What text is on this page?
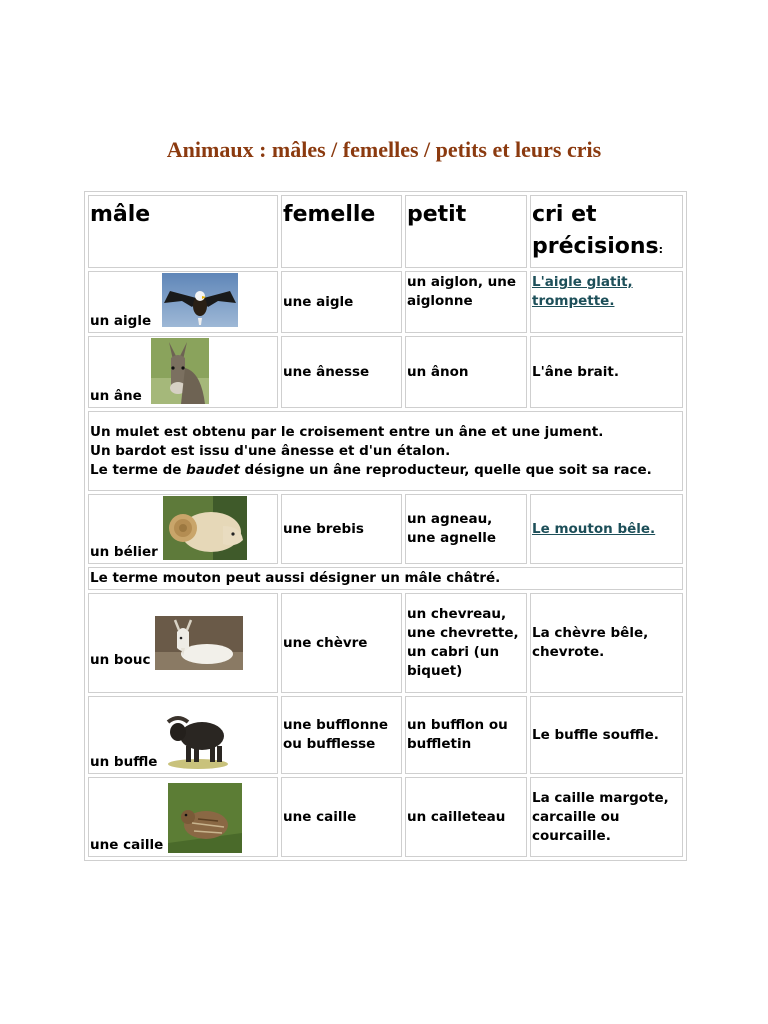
Animaux : mâles / femelles / petits et leurs cris
mâle	femelle	petit	cri et précisions:
un aigle	une aigle	un aiglon, une aiglonne	L'aigle glatit, trompette.
un âne	une ânesse	un ânon	L'âne brait.

Un mulet est obtenu par le croisement entre un âne et une jument.
Un bardot est issu d'une ânesse et d'un étalon.
Le terme de baudet désigne un âne reproducteur, quelle que soit sa race.			

un bélier	une brebis	un agneau, une agnelle	Le mouton bêle.
Le terme mouton peut aussi désigner un mâle châtré.			
un bouc	une chèvre	un chevreau, une chevrette, un cabri (un biquet)	La chèvre bêle, chevrote.
un buffle	une bufflonne ou bufflesse	un bufflon ou buffletin	Le buffle souffle.
une caille	une caille	un cailleteau	La caille margote, carcaille ou courcaille.
